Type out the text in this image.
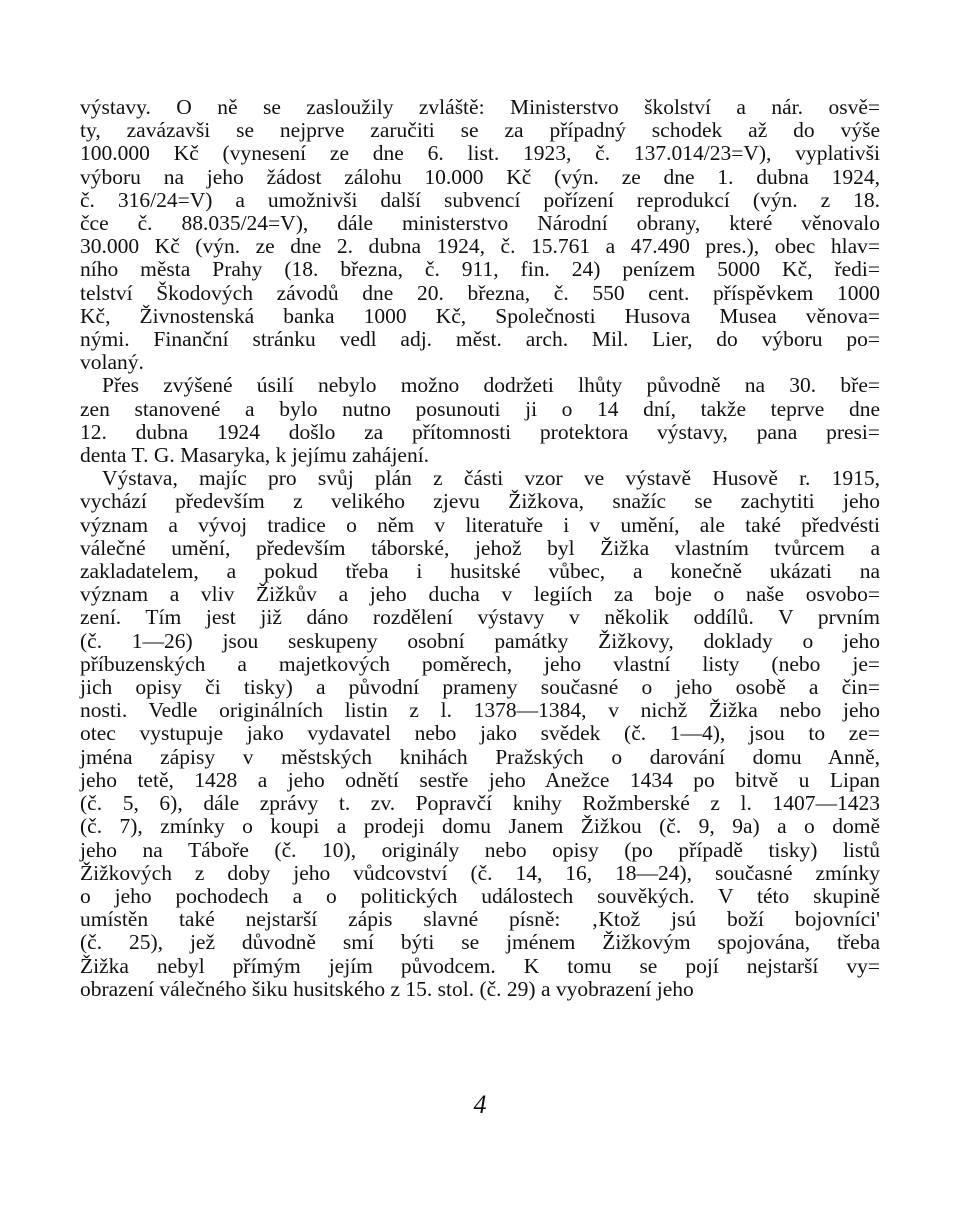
výstavy. O ně se zasloužily zvláště: Ministerstvo školství a nár. osvě=
ty, zavázavši se nejprve zaručiti se za případný schodek až do výše
100.000 Kč (vynesení ze dne 6. list. 1923, č. 137.014/23=V), vyplativši
výboru na jeho žádost zálohu 10.000 Kč (výn. ze dne 1. dubna 1924,
č. 316/24=V) a umožnivši další subvencí pořízení reprodukcí (výn. z 18.
čce č. 88.035/24=V), dále ministerstvo Národní obrany, které věnovalo
30.000 Kč (výn. ze dne 2. dubna 1924, č. 15.761 a 47.490 pres.), obec hlav=
ního města Prahy (18. března, č. 911, fin. 24) penízem 5000 Kč, ředi=
telství Škodových závodů dne 20. března, č. 550 cent. příspěvkem 1000
Kč, Živnostenská banka 1000 Kč, Společnosti Husova Musea věnova=
nými. Finanční stránku vedl adj. měst. arch. Mil. Lier, do výboru po=
volaný.
Přes zvýšené úsilí nebylo možno dodržeti lhůty původně na 30. bře=
zen stanovené a bylo nutno posunouti ji o 14 dní, takže teprve dne
12. dubna 1924 došlo za přítomnosti protektora výstavy, pana presi=
denta T. G. Masaryka, k jejímu zahájení.
Výstava, majíc pro svůj plán z části vzor ve výstavě Husově r. 1915,
vychází především z velikého zjevu Žižkova, snažíc se zachytiti jeho
význam a vývoj tradice o něm v literatuře i v umění, ale také předvésti
válečné umění, především táborské, jehož byl Žižka vlastním tvůrcem a
zakladatelem, a pokud třeba i husitské vůbec, a konečně ukázati na
význam a vliv Žižkův a jeho ducha v legiích za boje o naše osvobo=
zení. Tím jest již dáno rozdělení výstavy v několik oddílů. V prvním
(č. 1—26) jsou seskupeny osobní památky Žižkovy, doklady o jeho
příbuzenských a majetkových poměrech, jeho vlastní listy (nebo je=
jich opisy či tisky) a původní prameny současné o jeho osobě a čin=
nosti. Vedle originálních listin z l. 1378—1384, v nichž Žižka nebo jeho
otec vystupuje jako vydavatel nebo jako svědek (č. 1—4), jsou to ze=
jména zápisy v městských knihách Pražských o darování domu Anně,
jeho tetě, 1428 a jeho odnětí sestře jeho Anežce 1434 po bitvě u Lipan
(č. 5, 6), dále zprávy t. zv. Popravčí knihy Rožmberské z l. 1407—1423
(č. 7), zmínky o koupi a prodeji domu Janem Žižkou (č. 9, 9a) a o domě
jeho na Táboře (č. 10), originály nebo opisy (po případě tisky) listů
Žižkových z doby jeho vůdcovství (č. 14, 16, 18—24), současné zmínky
o jeho pochodech a o politických událostech souvěkých. V této skupině
umístěn také nejstarší zápis slavné písně: ‚Ktož jsú boží bojovníci'
(č. 25), jež důvodně smí býti se jménem Žižkovým spojována, třeba
Žižka nebyl přímým jejím původcem. K tomu se pojí nejstarší vy=
obrazení válečného šiku husitského z 15. stol. (č. 29) a vyobrazení jeho
4
